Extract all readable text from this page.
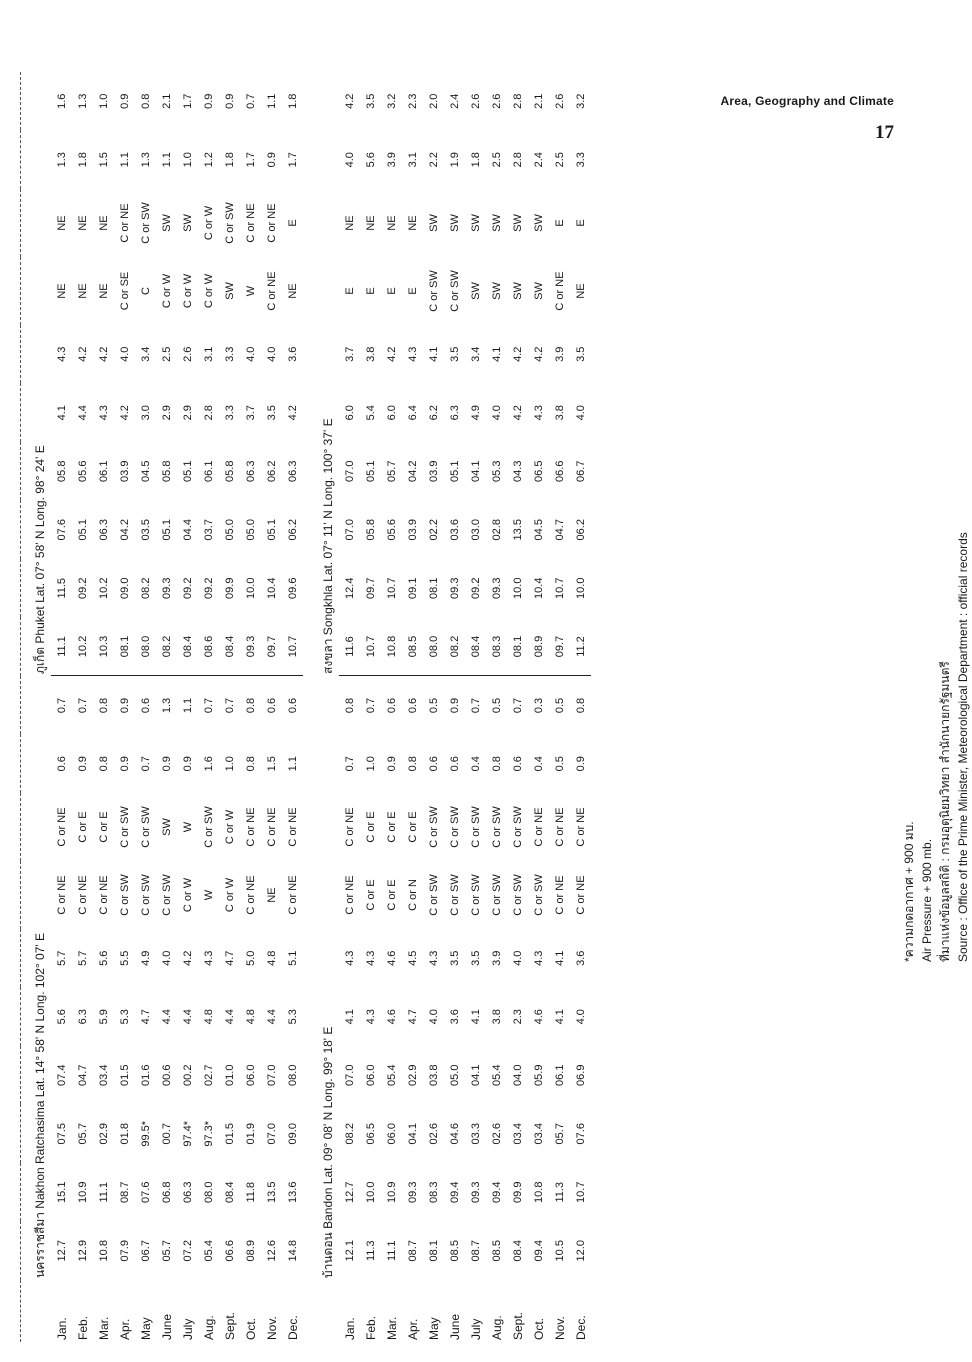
Area, Geography and Climate
17

	นครราชสีมา Nakhon Ratchasima Lat. 14° 58' N Long. 102° 07' E										ภูเก็ต Phuket Lat. 07° 58' N Long. 98° 24' E									
Jan.	12.7	15.1	07.5	07.4	5.6	5.7	C or NE	C or NE	0.6	0.7	11.1	11.5	07.6	05.8	4.1	4.3	NE	NE	1.3	1.6
Feb.	12.9	10.9	05.7	04.7	6.3	5.7	C or NE	C or E	0.9	0.7	10.2	09.2	05.1	05.6	4.4	4.2	NE	NE	1.8	1.3
Mar.	10.8	11.1	02.9	03.4	5.9	5.6	C or NE	C or E	0.8	0.8	10.3	10.2	06.3	06.1	4.3	4.2	NE	NE	1.5	1.0
Apr.	07.9	08.7	01.8	01.5	5.3	5.5	C or SW	C or SW	0.9	0.9	08.1	09.0	04.2	03.9	4.2	4.0	C or SE	C or NE	1.1	0.9
May	06.7	07.6	99.5*	01.6	4.7	4.9	C or SW	C or SW	0.7	0.6	08.0	08.2	03.5	04.5	3.0	3.4	C	C or SW	1.3	0.8
June	05.7	06.8	00.7	00.6	4.4	4.0	C or SW	SW	0.9	1.3	08.2	09.3	05.1	05.8	2.9	2.5	C or W	SW	1.1	2.1
July	07.2	06.3	97.4*	00.2	4.4	4.2	C or W	W	0.9	1.1	08.4	09.2	04.4	05.1	2.9	2.6	C or W	SW	1.0	1.7
Aug.	05.4	08.0	97.3*	02.7	4.8	4.3	W	C or SW	1.6	0.7	08.6	09.2	03.7	06.1	2.8	3.1	C or W	C or W	1.2	0.9
Sept.	06.6	08.4	01.5	01.0	4.4	4.7	C or W	C or W	1.0	0.7	08.4	09.9	05.0	05.8	3.3	3.3	SW	C or SW	1.8	0.9
Oct.	08.9	11.8	01.9	06.0	4.8	5.0	C or NE	C or NE	0.8	0.8	09.3	10.0	05.0	06.3	3.7	4.0	W	C or NE	1.7	0.7
Nov.	12.6	13.5	07.0	07.0	4.4	4.8	NE	C or NE	1.5	0.6	09.7	10.4	05.1	06.2	3.5	4.0	C or NE	C or NE	0.9	1.1
Dec.	14.8	13.6	09.0	08.0	5.3	5.1	C or NE	C or NE	1.1	0.6	10.7	09.6	06.2	06.3	4.2	3.6	NE	E	1.7	1.8

	บ้านดอน Bandon Lat. 09° 08' N Long. 99° 18' E										สงขลา Songkhla Lat. 07° 11' N Long. 100° 37' E									
Jan.	12.1	12.7	08.2	07.0	4.1	4.3	C or NE	C or NE	0.7	0.8	11.6	12.4	07.0	07.0	6.0	3.7	E	NE	4.0	4.2
Feb.	11.3	10.0	06.5	06.0	4.3	4.3	C or E	C or E	1.0	0.7	10.7	09.7	05.8	05.1	5.4	3.8	E	NE	5.6	3.5
Mar.	11.1	10.9	06.0	05.4	4.6	4.6	C or E	C or E	0.9	0.6	10.8	10.7	05.6	05.7	6.0	4.2	E	NE	3.9	3.2
Apr.	08.7	09.3	04.1	02.9	4.7	4.5	C or N	C or E	0.8	0.6	08.5	09.1	03.9	04.2	6.4	4.3	E	NE	3.1	2.3
May	08.1	08.3	02.6	03.8	4.0	4.3	C or SW	C or SW	0.6	0.5	08.0	08.1	02.2	03.9	6.2	4.1	C or SW	SW	2.2	2.0
June	08.5	09.4	04.6	05.0	3.6	3.5	C or SW	C or SW	0.6	0.9	08.2	09.3	03.6	05.1	6.3	3.5	C or SW	SW	1.9	2.4
July	08.7	09.3	03.3	04.1	4.1	3.5	C or SW	C or SW	0.4	0.7	08.4	09.2	03.0	04.1	4.9	3.4	SW	SW	1.8	2.6
Aug.	08.5	09.4	02.6	05.4	3.8	3.9	C or SW	C or SW	0.8	0.5	08.3	09.3	02.8	05.3	4.0	4.1	SW	SW	2.5	2.6
Sept.	08.4	09.9	03.4	04.0	2.3	4.0	C or SW	C or SW	0.6	0.7	08.1	10.0	13.5	04.3	4.2	4.2	SW	SW	2.8	2.8
Oct.	09.4	10.8	03.4	05.9	4.6	4.3	C or SW	C or NE	0.4	0.3	08.9	10.4	04.5	06.5	4.3	4.2	SW	SW	2.4	2.1
Nov.	10.5	11.3	05.7	06.1	4.1	4.1	C or NE	C or NE	0.5	0.5	09.7	10.7	04.7	06.6	3.8	3.9	C or NE	E	2.5	2.6
Dec.	12.0	10.7	07.6	06.9	4.0	3.6	C or NE	C or NE	0.9	0.8	11.2	10.0	06.2	06.7	4.0	3.5	NE	E	3.3	3.2
*ความกดอากาศ + 900 มบ. Air Pressure + 900 mb. ที่มาแห่งข้อมูลสถิติ : กรมอุตุนิยมวิทยา สำนักนายกรัฐมนตรี Source : Office of the Prime Minister, Meteorological Department : official records
